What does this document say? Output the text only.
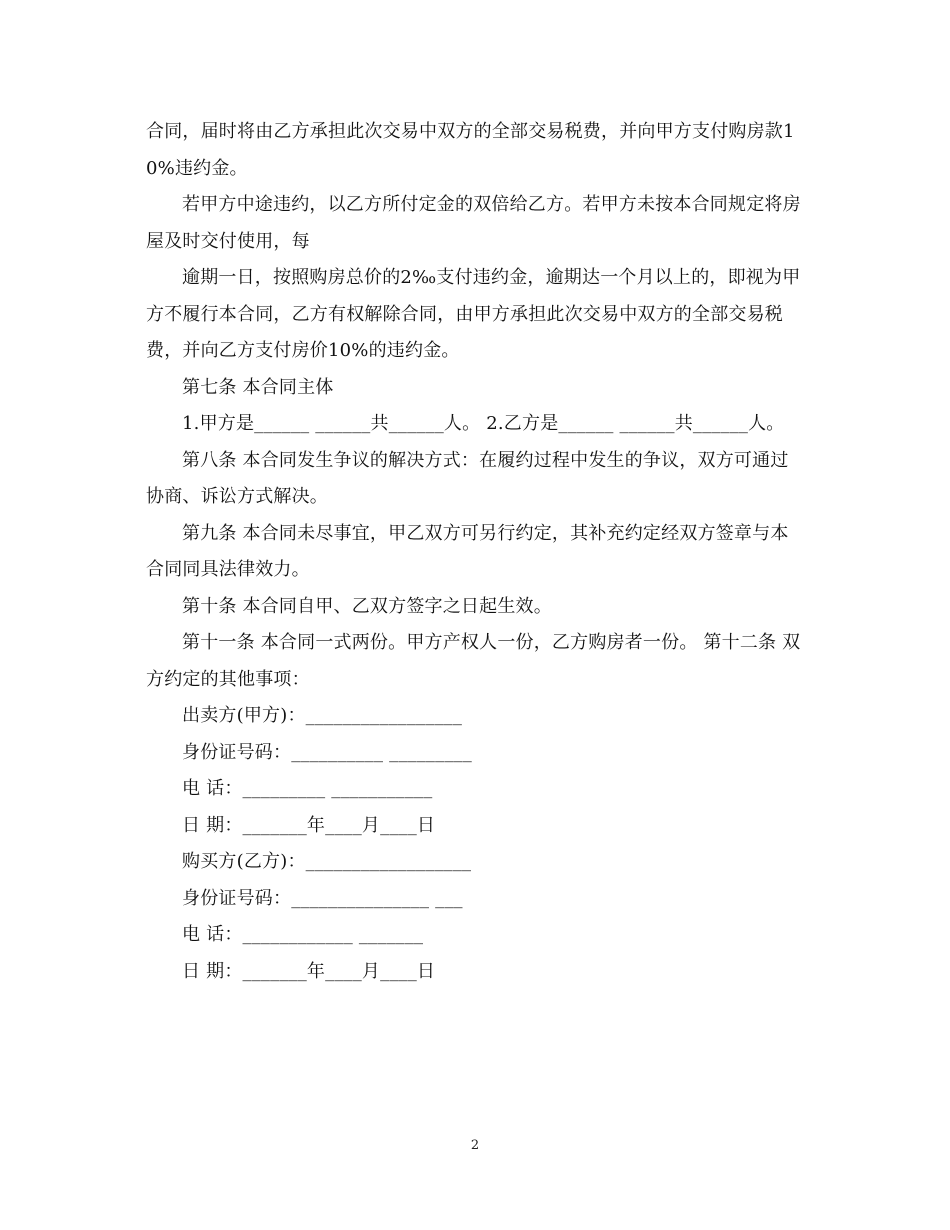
合同，届时将由乙方承担此次交易中双方的全部交易税费，并向甲方支付购房款10%违约金。

若甲方中途违约，以乙方所付定金的双倍给乙方。若甲方未按本合同规定将房屋及时交付使用，每

逾期一日，按照购房总价的2‰支付违约金，逾期达一个月以上的，即视为甲方不履行本合同，乙方有权解除合同，由甲方承担此次交易中双方的全部交易税费，并向乙方支付房价10%的违约金。

第七条 本合同主体

1.甲方是______ ______共______人。 2.乙方是______ ______共______人。

第八条 本合同发生争议的解决方式：在履约过程中发生的争议，双方可通过协商、诉讼方式解决。

第九条 本合同未尽事宜，甲乙双方可另行约定，其补充约定经双方签章与本合同同具法律效力。

第十条 本合同自甲、乙双方签字之日起生效。

第十一条 本合同一式两份。甲方产权人一份，乙方购房者一份。 第十二条 双方约定的其他事项：

出卖方(甲方)：_________________

身份证号码：__________ _________

电 话：_________ ___________

日 期：_______年____月____日

购买方(乙方)：__________________

身份证号码：_______________ ___

电 话：____________ _______

日 期：_______年____月____日

2
